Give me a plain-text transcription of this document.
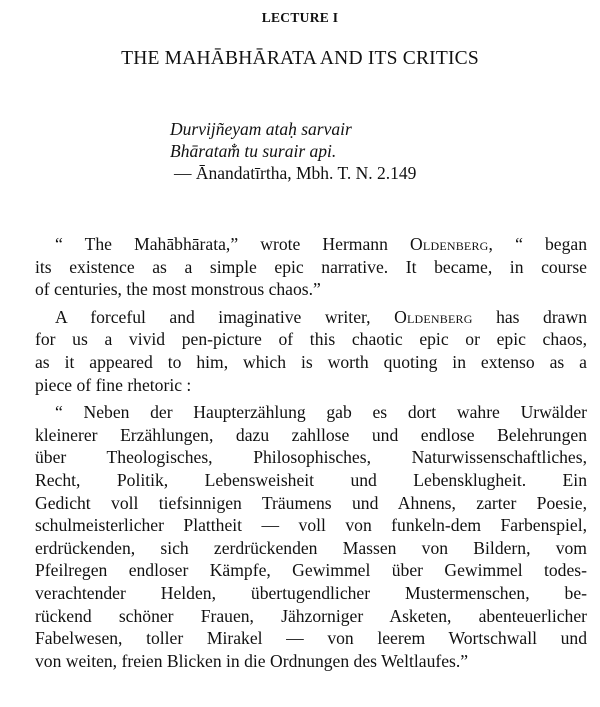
LECTURE I
THE MAHĀBHĀRATA AND ITS CRITICS
Durvijñeyam ataḥ sarvair
Bhāratam̐ tu surair api.
— Ānandatīrtha, Mbh. T. N. 2.149
“ The Mahābhārata,” wrote Hermann Oldenberg, “ began
its existence as a simple epic narrative. It became, in course
of centuries, the most monstrous chaos.”
A forceful and imaginative writer, Oldenberg has drawn
for us a vivid pen-picture of this chaotic epic or epic chaos,
as it appeared to him, which is worth quoting in extenso as a
piece of fine rhetoric :
“ Neben der Haupterzählung gab es dort wahre Urwälder
kleinerer Erzählungen, dazu zahllose und endlose Belehrungen
über Theologisches, Philosophisches, Naturwissenschaftliches,
Recht, Politik, Lebensweisheit und Lebensklugheit. Ein
Gedicht voll tiefsinnigen Träumens und Ahnens, zarter Poesie,
schulmeisterlicher Plattheit — voll von funkeln-dem Farbenspiel,
erdrückenden, sich zerdrückenden Massen von Bildern, vom
Pfeilregen endloser Kämpfe, Gewimmel über Gewimmel todes-
verachtender Helden, übertugendlicher Mustermenschen, be-
rückend schöner Frauen, Jähzorniger Asketen, abenteuerlicher
Fabelwesen, toller Mirakel — von leerem Wortschwall und
von weiten, freien Blicken in die Ordnungen des Weltlaufes.”
